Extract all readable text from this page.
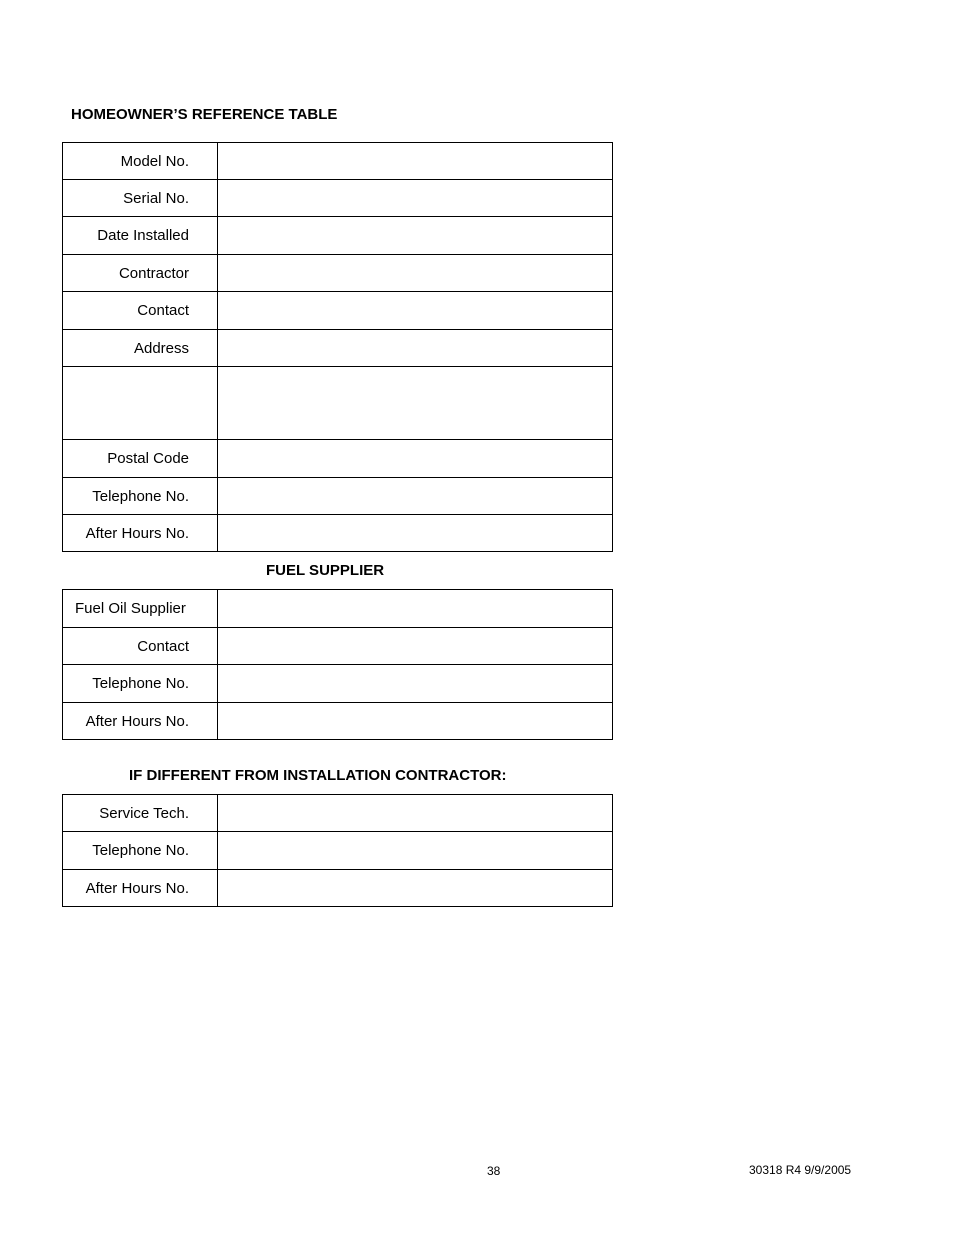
HOMEOWNER’S REFERENCE TABLE
Model No.	
Serial No.	
Date Installed	
Contractor	
Contact	
Address	

Postal Code	
Telephone No.	
After Hours No.	
FUEL SUPPLIER
Fuel Oil Supplier	
Contact	
Telephone No.	
After Hours No.	
IF DIFFERENT FROM INSTALLATION CONTRACTOR:
Service Tech.	
Telephone No.	
After Hours No.	
38	30318 R4 9/9/2005
